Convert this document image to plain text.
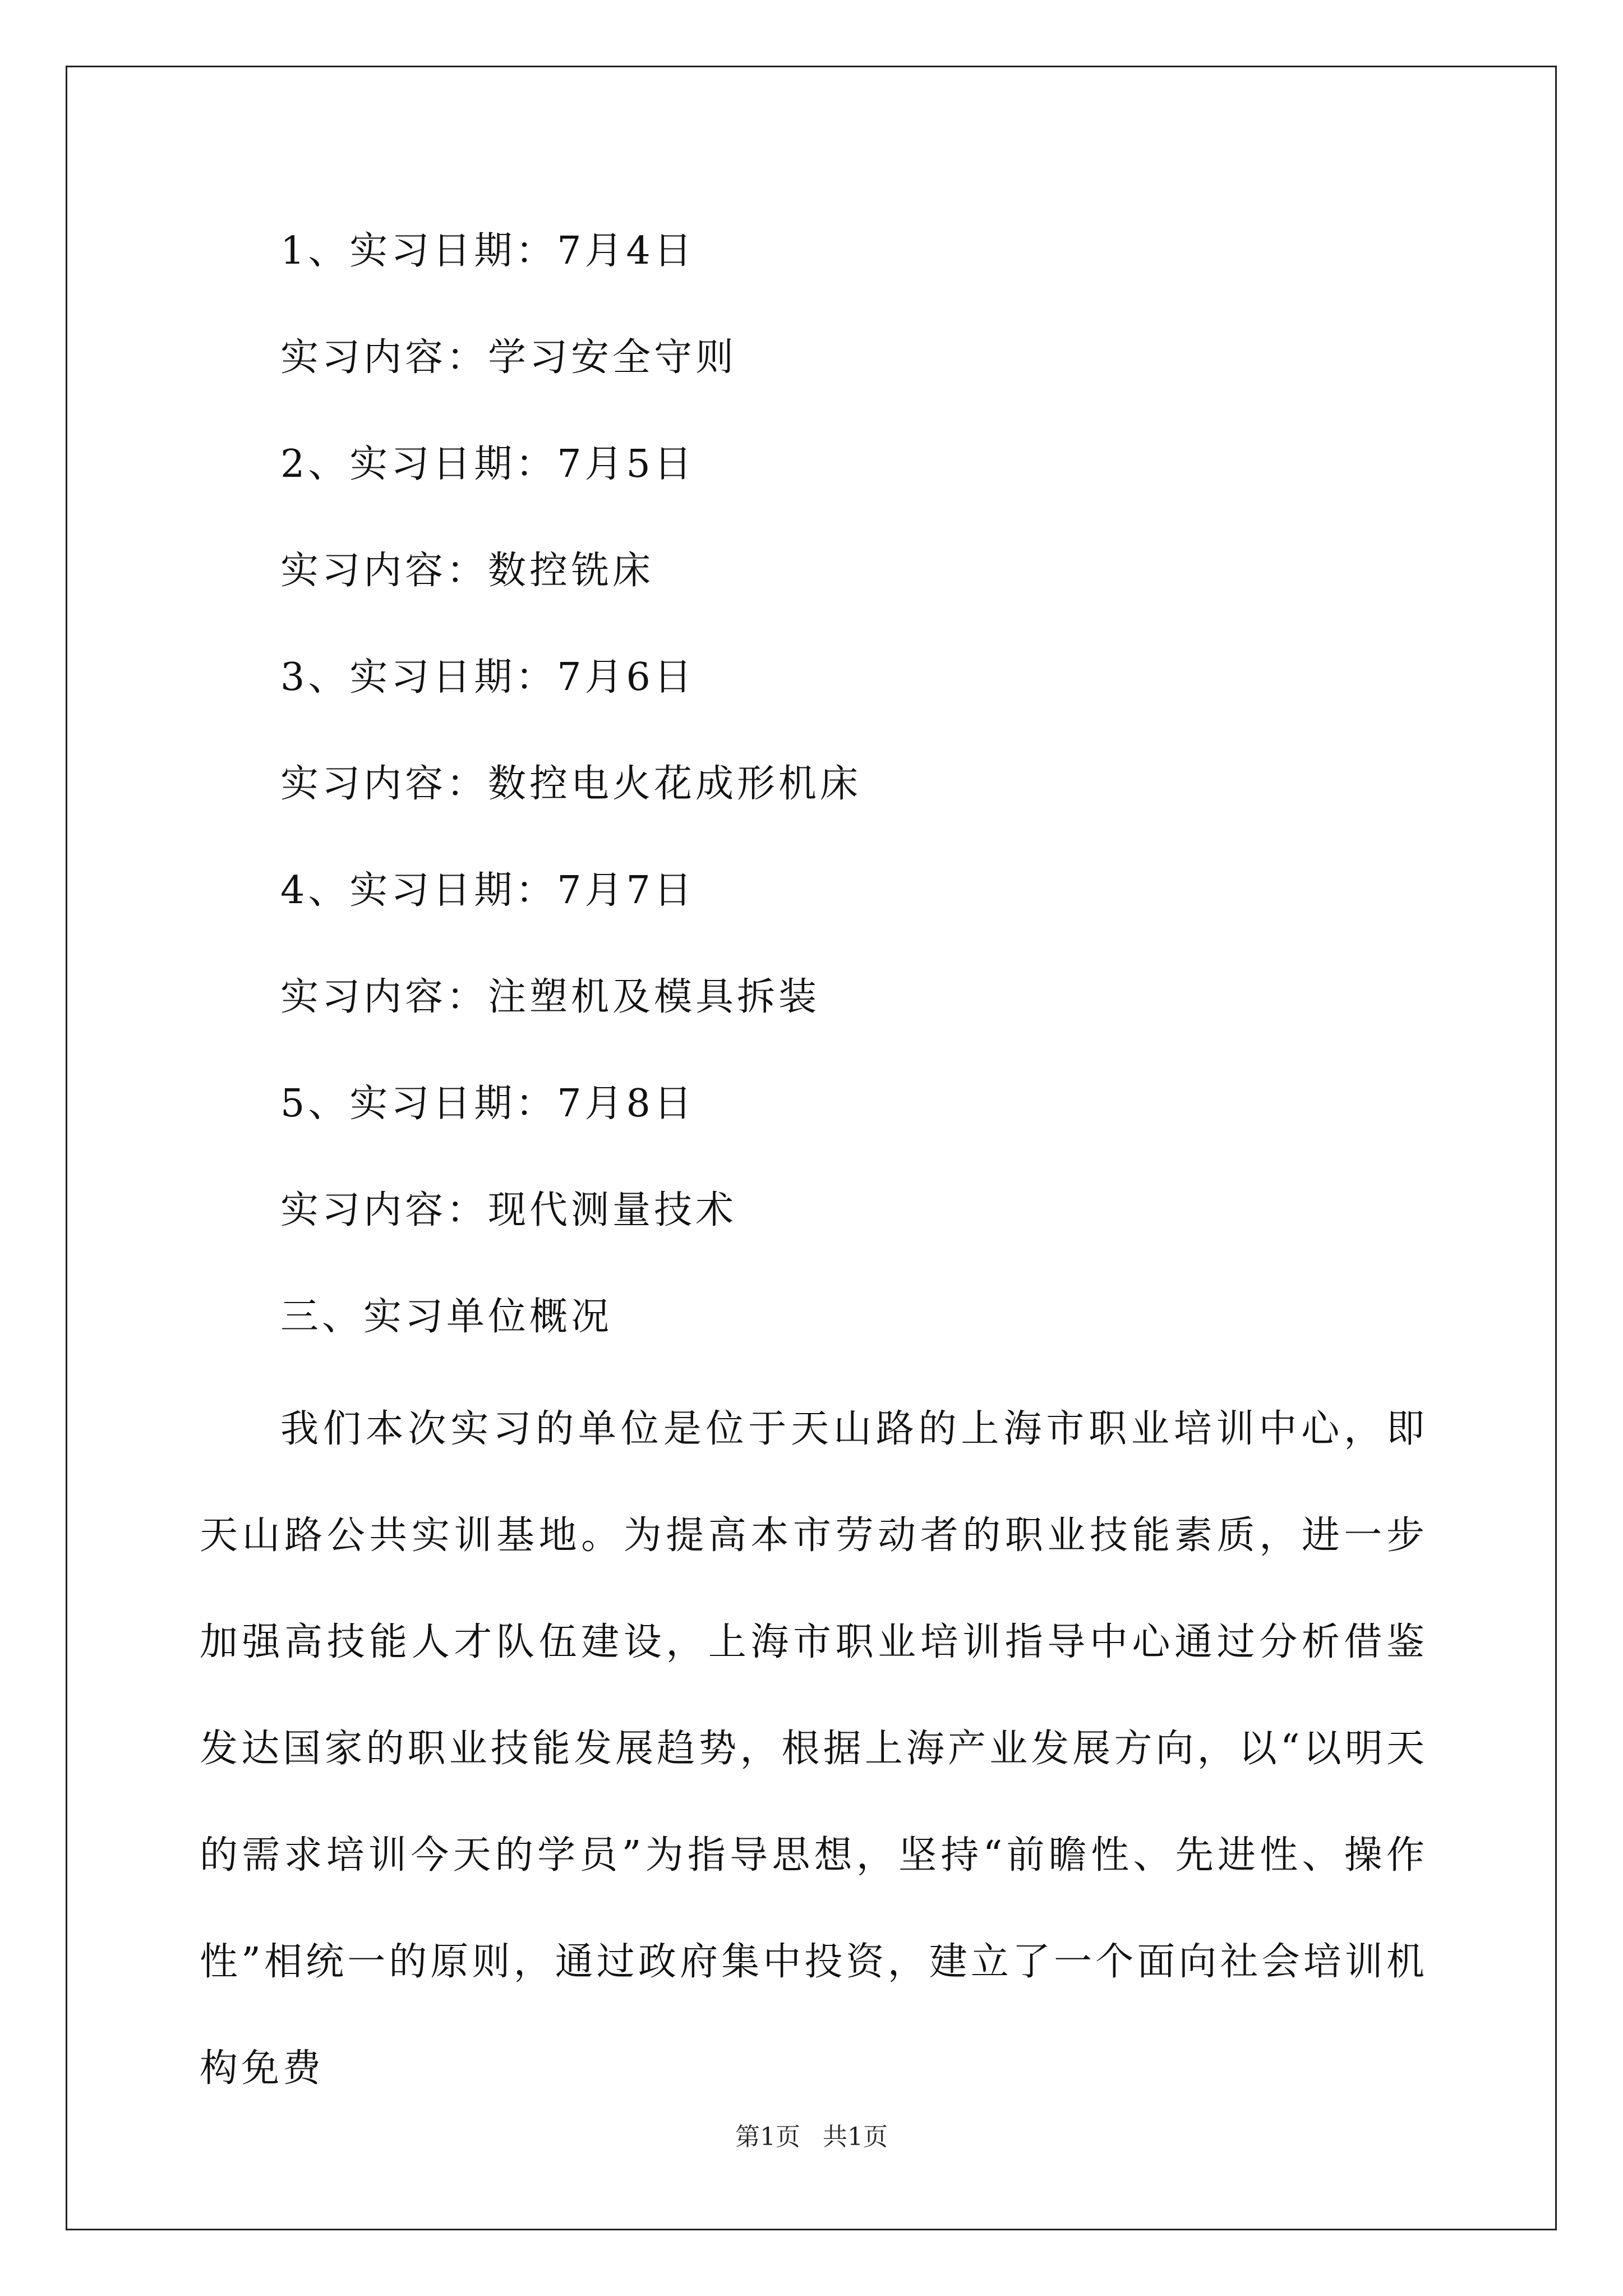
1、实习日期：7月4日
实习内容：学习安全守则
2、实习日期：7月5日
实习内容：数控铣床
3、实习日期：7月6日
实习内容：数控电火花成形机床
4、实习日期：7月7日
实习内容：注塑机及模具拆装
5、实习日期：7月8日
实习内容：现代测量技术
三、实习单位概况

我们本次实习的单位是位于天山路的上海市职业培训中心，即天山路公共实训基地。为提高本市劳动者的职业技能素质，进一步加强高技能人才队伍建设，上海市职业培训指导中心通过分析借鉴发达国家的职业技能发展趋势，根据上海产业发展方向，以“以明天的需求培训今天的学员”为指导思想，坚持“前瞻性、先进性、操作性”相统一的原则，通过政府集中投资，建立了一个面向社会培训机构免费

第1页 共1页
